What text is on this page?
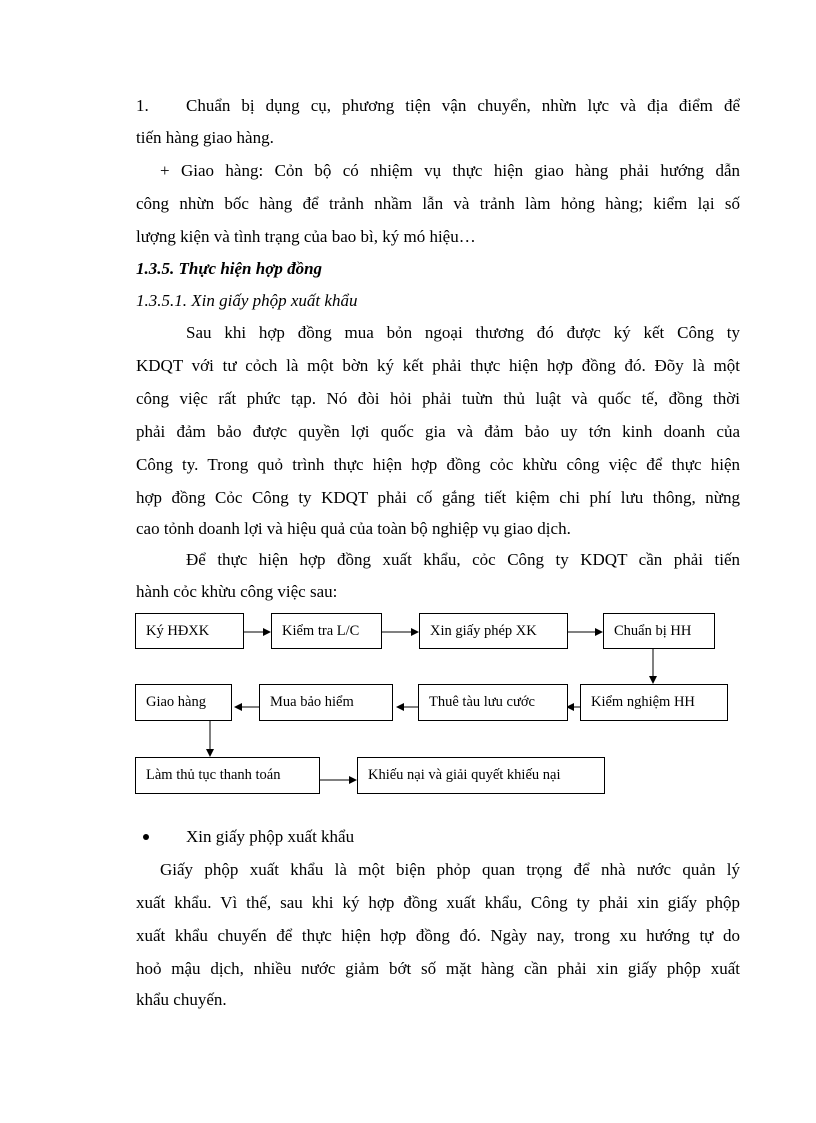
1. Chuẩn bị dụng cụ, phương tiện vận chuyển, nhừn lực và địa điểm để
tiến hàng giao hàng.
+ Giao hàng: Cỏn bộ có nhiệm vụ thực hiện giao hàng phải hướng dẫn
công nhừn bốc hàng để trảnh nhầm lẫn và trảnh làm hỏng hàng; kiểm lại số
lượng kiện và tình trạng của bao bì, ký mó hiệu…
1.3.5. Thực hiện hợp đồng
1.3.5.1. Xin giấy phộp xuất khẩu
Sau khi hợp đồng mua bỏn ngoại thương đó được ký kết Công ty
KDQT với tư cỏch là một bờn ký kết phải thực hiện hợp đồng đó. Đõy là một
công việc rất phức tạp. Nó đòi hỏi phải tuừn thủ luật và quốc tế, đồng thời
phải đảm bảo được quyền lợi quốc gia và đảm bảo uy tớn kinh doanh của
Công ty. Trong quỏ trình thực hiện hợp đồng cỏc khừu công việc để thực hiện
hợp đồng Cỏc Công ty KDQT phải cố gắng tiết kiệm chi phí lưu thông, nừng
cao tỏnh doanh lợi và hiệu quả của toàn bộ nghiệp vụ giao dịch.
Để thực hiện hợp đồng xuất khẩu, cỏc Công ty KDQT cần phải tiến
hành cỏc khừu công việc sau:
Ký HĐXK	Kiểm tra L/C	Xin giấy phép XK	Chuẩn bị HH
Kiểm nghiệm HH
Thuê tàu lưu cước
Mua bảo hiểm
Giao hàng
Làm thủ tục thanh toán	Khiếu nại và giải quyết khiếu nại
Xin giấy phộp xuất khẩu
Giấy phộp xuất khẩu là một biện phỏp quan trọng để nhà nước quản lý
xuất khẩu. Vì thế, sau khi ký hợp đồng xuất khẩu, Công ty phải xin giấy phộp
xuất khẩu chuyến để thực hiện hợp đồng đó. Ngày nay, trong xu hướng tự do
hoỏ mậu dịch, nhiều nước giảm bớt số mặt hàng cần phải xin giấy phộp xuất
khẩu chuyến.
